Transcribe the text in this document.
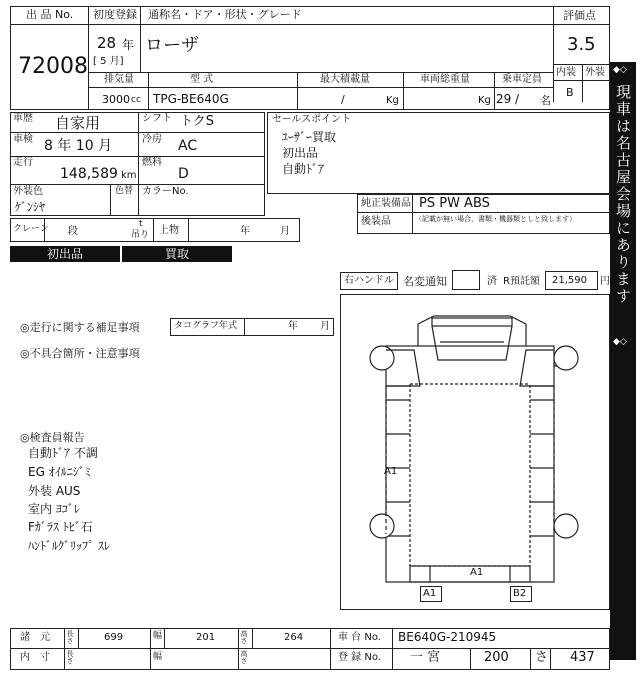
出 品 No.
72008
初度登録 通称名・ドア・形状・グレード
28 年
[ 5 月]
ローザ
評価点
3.5
内装 外装
B
排気量	型 式	最大積載量	車両総重量	乗車定員
3000 cc TPG-BE640G	/	Kg	Kg 29 / 名
車歴 自家用	シフト トクS
車検 8 年 10 月	冷房 AC
走行
148,589 km
燃料
D
外装色
ｹﾞﾝｼﾔ
色替 カラーNo.
セールスポイント
ﾕｰｻﾞｰ買取
初出品
自動ﾄﾞｱ
純正装備品 PS PW ABS
後装品	（記載が無い場合、書類・機器類としと致します）
クレーン 段
t
吊り 上物	年	月
初出品	買取
右ハンドル 名変通知	済 R預託額 21,590 円
◎走行に関する補足事項	タコグラフ年式	年 月
◎不具合箇所・注意事項
◎検査員報告
自動ﾄﾞｱ 不調
EG ｵｲﾙﾆｼﾞﾐ
外装 AUS
室内 ﾖｺﾞﾚ
Fｶﾞﾗｽ ﾄﾋﾞ石
ﾊﾝﾄﾞﾙｸﾞﾘｯﾌﾟ ｽﾚ
A1
A1
A1	B2
諸　元 長さ	699	幅	201	高さ	264	車 台 No. BE640G-210945
内　寸 長さ	幅	高さ	登 録 No. 一 宮	200 さ 437
◆◇
現車は名古屋会場にあります
◆◇
